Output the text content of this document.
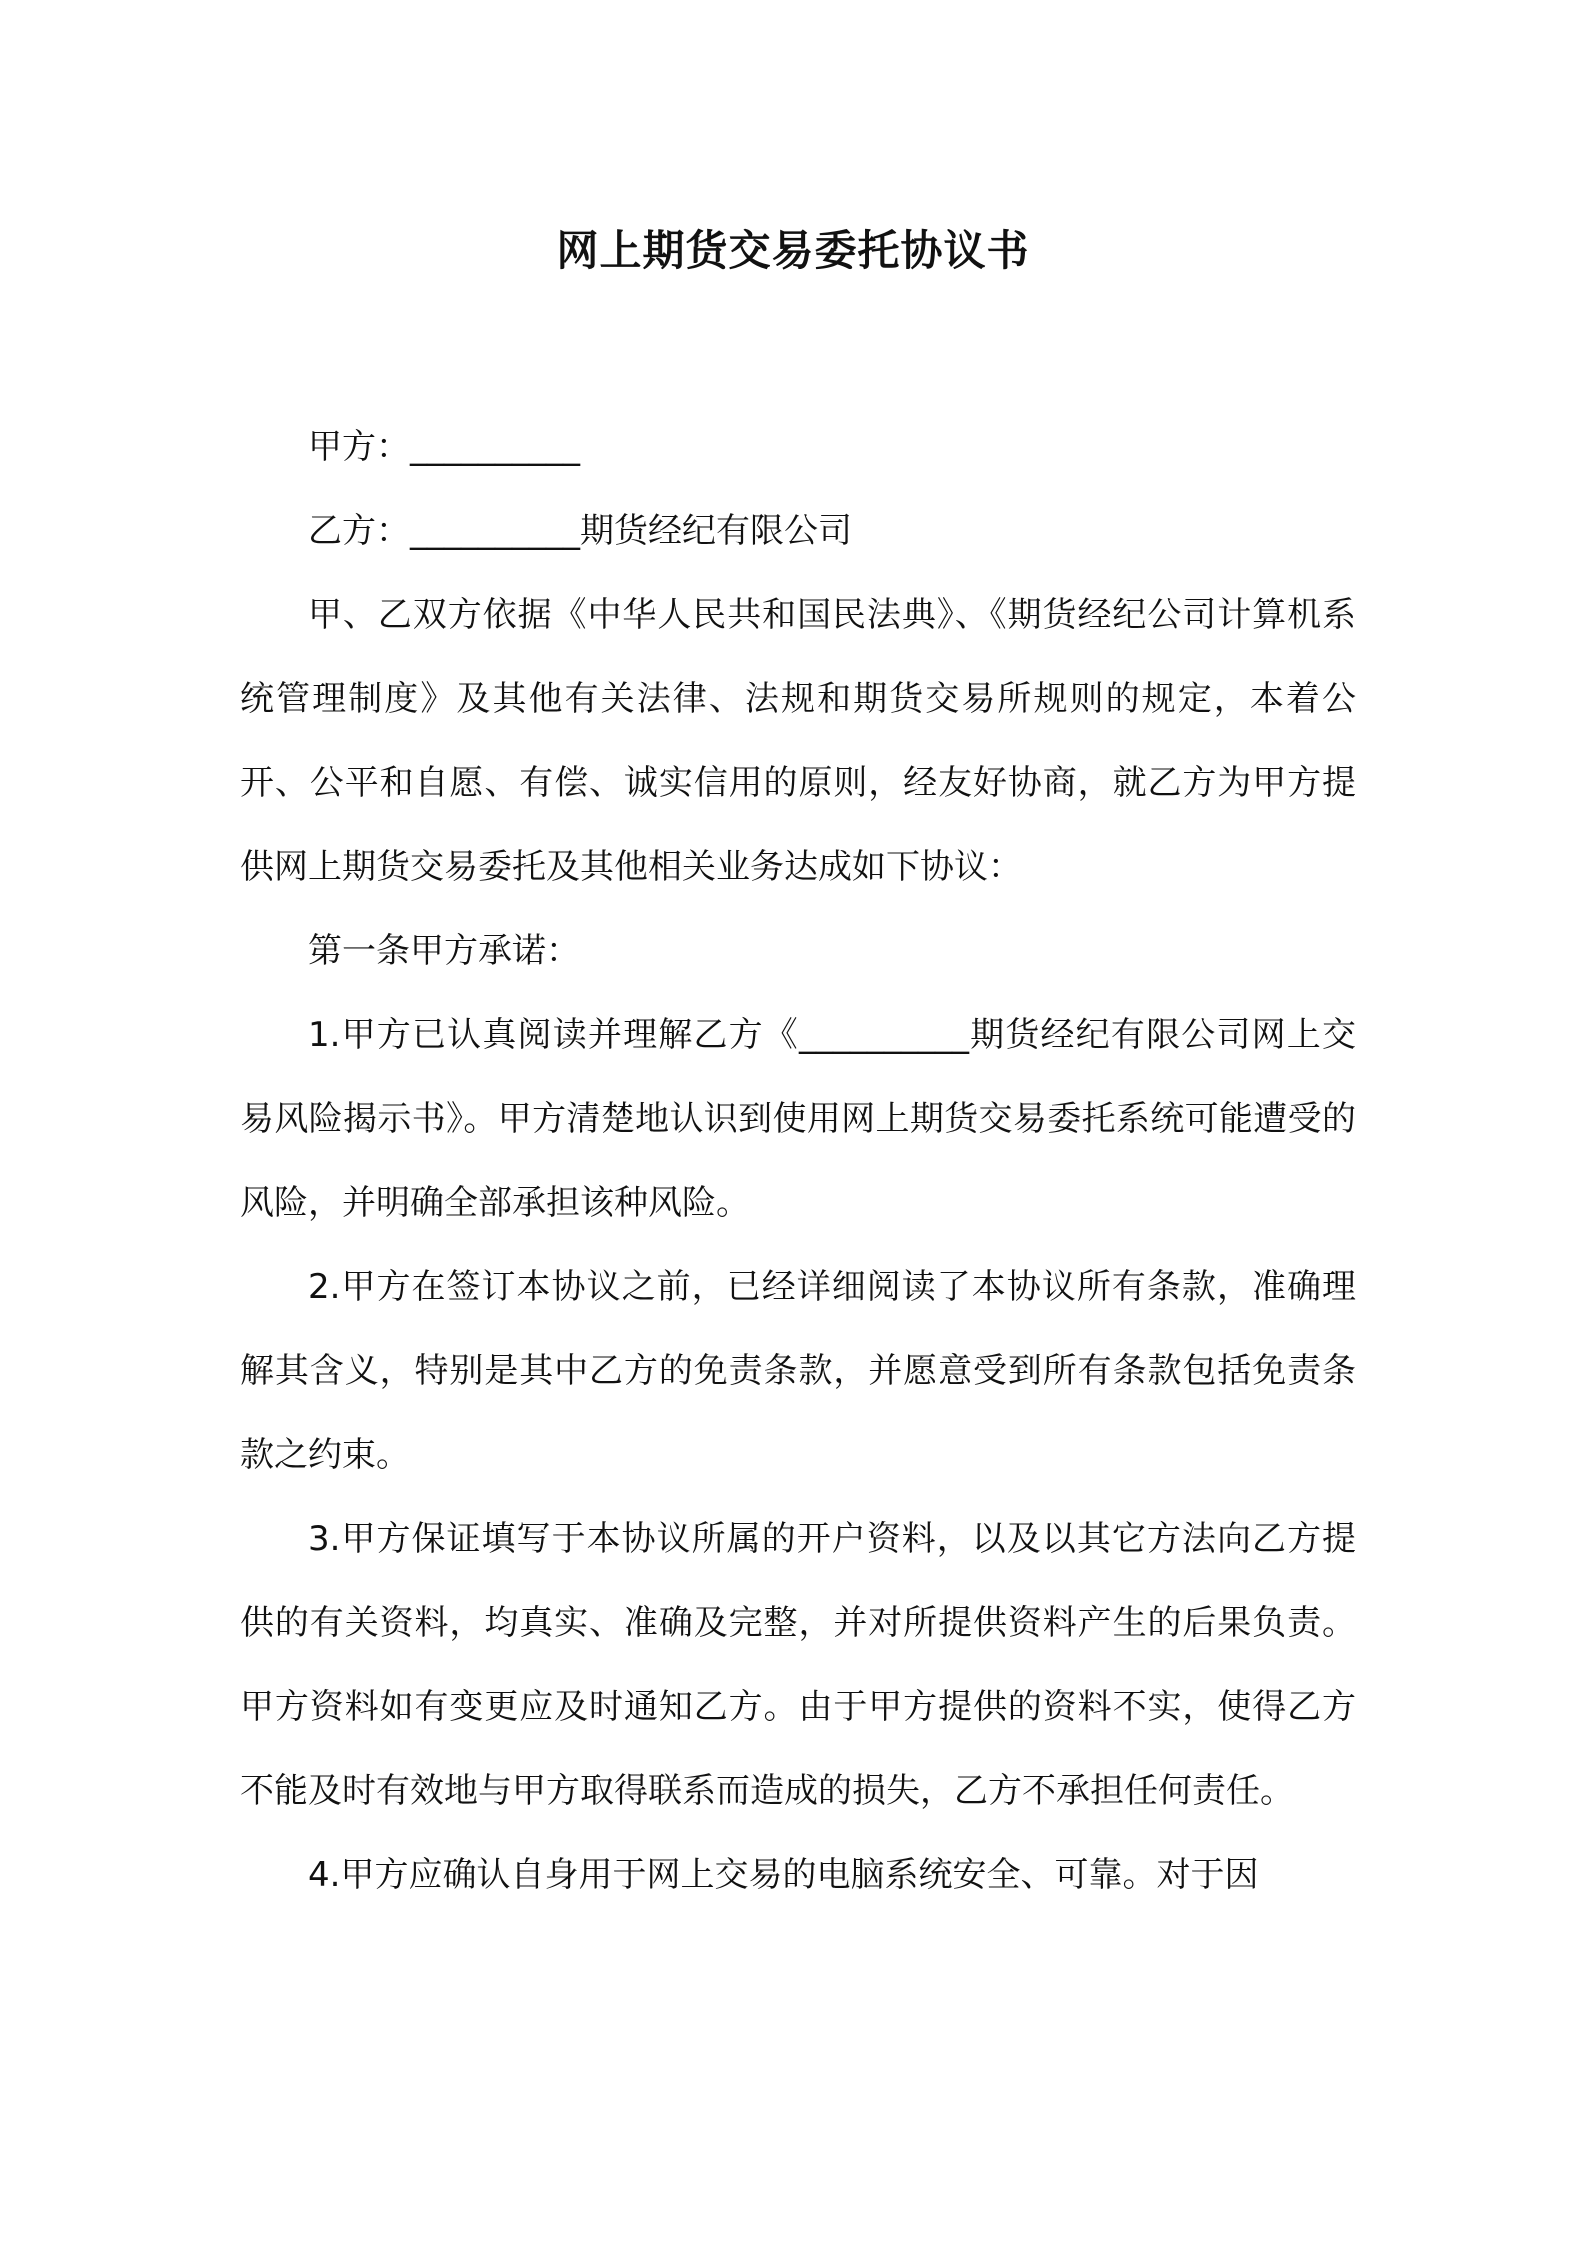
网上期货交易委托协议书

甲方：__________

乙方：__________期货经纪有限公司

甲、乙双方依据《中华人民共和国民法典》、《期货经纪公司计算机系统管理制度》及其他有关法律、法规和期货交易所规则的规定，本着公开、公平和自愿、有偿、诚实信用的原则，经友好协商，就乙方为甲方提供网上期货交易委托及其他相关业务达成如下协议：

第一条甲方承诺：

1.甲方已认真阅读并理解乙方《__________期货经纪有限公司网上交易风险揭示书》。甲方清楚地认识到使用网上期货交易委托系统可能遭受的风险，并明确全部承担该种风险。

2.甲方在签订本协议之前，已经详细阅读了本协议所有条款，准确理解其含义，特别是其中乙方的免责条款，并愿意受到所有条款包括免责条款之约束。

3.甲方保证填写于本协议所属的开户资料，以及以其它方法向乙方提供的有关资料，均真实、准确及完整，并对所提供资料产生的后果负责。甲方资料如有变更应及时通知乙方。由于甲方提供的资料不实，使得乙方不能及时有效地与甲方取得联系而造成的损失，乙方不承担任何责任。

4.甲方应确认自身用于网上交易的电脑系统安全、可靠。对于因
